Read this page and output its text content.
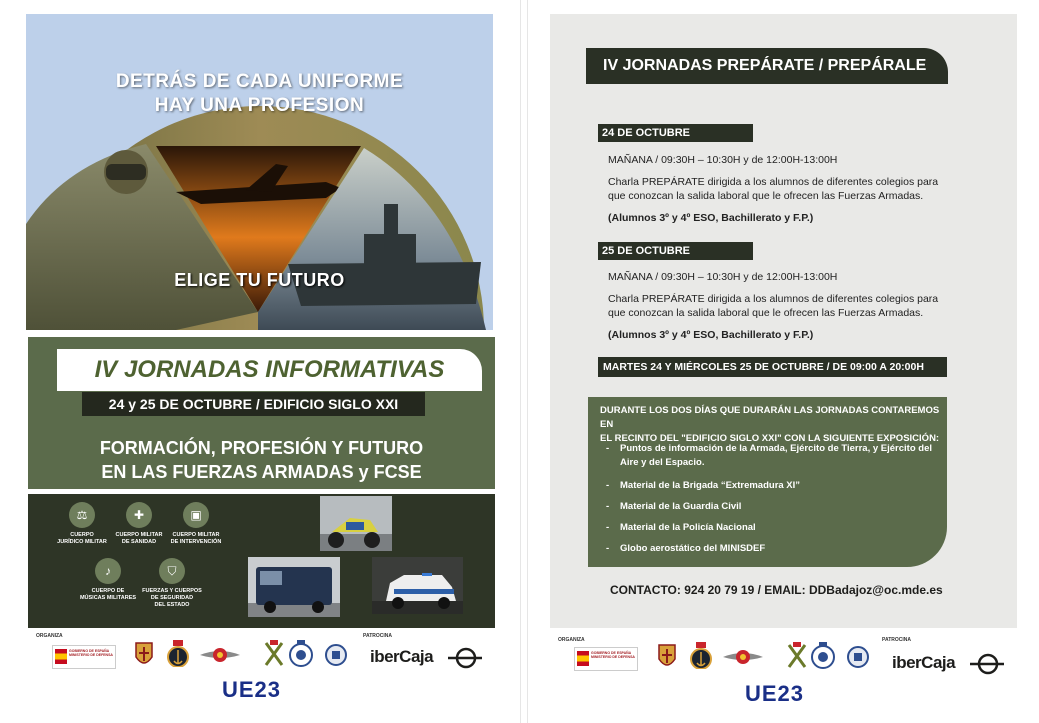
DETRÁS DE CADA UNIFORME
HAY UNA PROFESION
ELIGE TU FUTURO
IV JORNADAS INFORMATIVAS
24 y 25 DE OCTUBRE / EDIFICIO SIGLO XXI
FORMACIÓN, PROFESIÓN Y FUTURO
EN LAS FUERZAS ARMADAS y FCSE
⚖
CUERPO
JURÍDICO MILITAR
✚
CUERPO MILITAR
DE SANIDAD
▣
CUERPO MILITAR
DE INTERVENCIÓN
♪
CUERPO DE
MÚSICAS MILITARES
⛉
FUERZAS Y CUERPOS
DE SEGURIDAD
DEL ESTADO
ORGANIZA
GOBIERNO DE ESPAÑA MINISTERIO DE DEFENSA
PATROCINA
iberCaja
UE23
IV JORNADAS PREPÁRATE / PREPÁRALE
24 DE OCTUBRE
MAÑANA / 09:30H – 10:30H y de 12:00H-13:00H
Charla PREPÁRATE dirigida a los alumnos de diferentes colegios para
que conozcan la salida laboral que le ofrecen las Fuerzas Armadas.
(Alumnos 3º y 4º ESO, Bachillerato y F.P.)
25 DE OCTUBRE
MAÑANA / 09:30H – 10:30H y de 12:00H-13:00H
Charla PREPÁRATE dirigida a los alumnos de diferentes colegios para
que conozcan la salida laboral que le ofrecen las Fuerzas Armadas.
(Alumnos 3º y 4º ESO, Bachillerato y F.P.)
MARTES 24 Y MIÉRCOLES 25 DE OCTUBRE / DE 09:00 A 20:00H
DURANTE LOS DOS DÍAS QUE DURARÁN LAS JORNADAS CONTAREMOS EN
EL RECINTO DEL "EDIFICIO SIGLO XXI" CON LA SIGUIENTE EXPOSICIÓN:
- Puntos de información de la Armada, Ejército de Tierra, y Ejército del Aire y del Espacio.
- Material de la Brigada “Extremadura XI”
- Material de la Guardia Civil
- Material de la Policía Nacional
- Globo aerostático del MINISDEF
CONTACTO: 924 20 79 19 / EMAIL: DDBadajoz@oc.mde.es
ORGANIZA
GOBIERNO DE ESPAÑA MINISTERIO DE DEFENSA
PATROCINA
iberCaja
UE23
